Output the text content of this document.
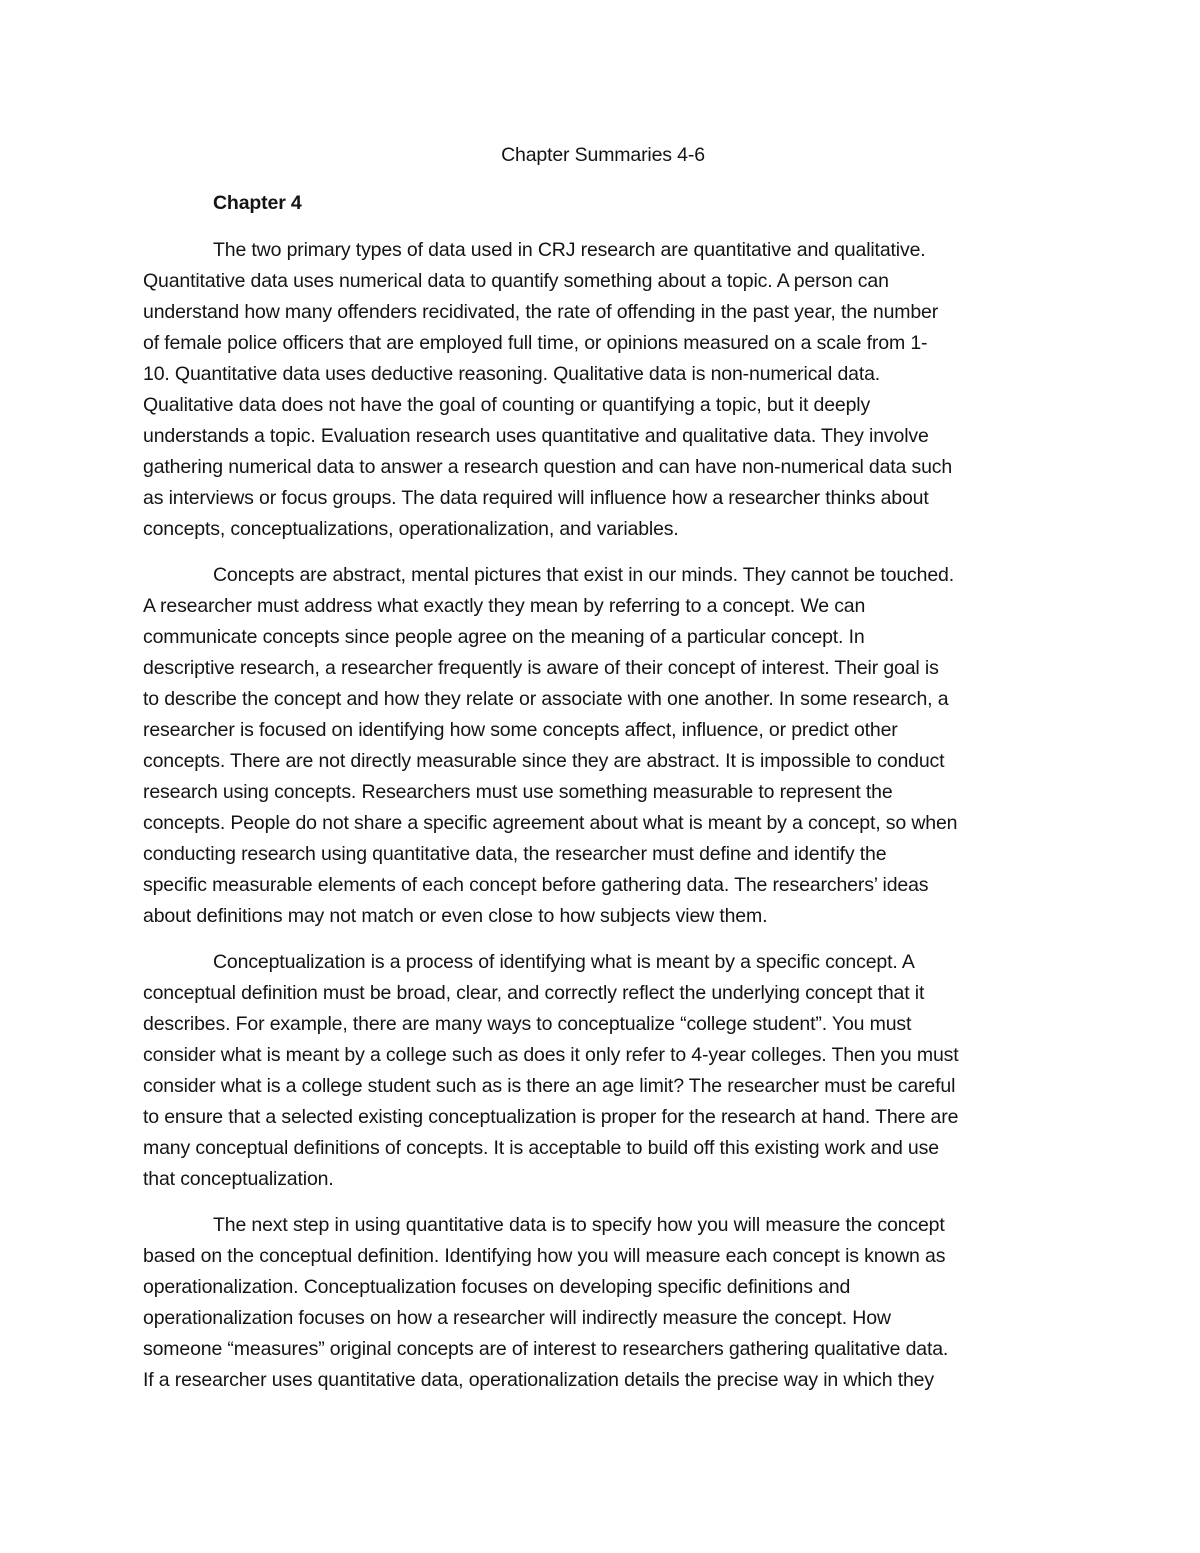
Chapter Summaries 4-6
Chapter 4
The two primary types of data used in CRJ research are quantitative and qualitative.
Quantitative data uses numerical data to quantify something about a topic. A person can
understand how many offenders recidivated, the rate of offending in the past year, the number
of female police officers that are employed full time, or opinions measured on a scale from 1-
10. Quantitative data uses deductive reasoning. Qualitative data is non-numerical data.
Qualitative data does not have the goal of counting or quantifying a topic, but it deeply
understands a topic. Evaluation research uses quantitative and qualitative data. They involve
gathering numerical data to answer a research question and can have non-numerical data such
as interviews or focus groups. The data required will influence how a researcher thinks about
concepts, conceptualizations, operationalization, and variables.
Concepts are abstract, mental pictures that exist in our minds. They cannot be touched.
A researcher must address what exactly they mean by referring to a concept. We can
communicate concepts since people agree on the meaning of a particular concept. In
descriptive research, a researcher frequently is aware of their concept of interest. Their goal is
to describe the concept and how they relate or associate with one another. In some research, a
researcher is focused on identifying how some concepts affect, influence, or predict other
concepts. There are not directly measurable since they are abstract. It is impossible to conduct
research using concepts. Researchers must use something measurable to represent the
concepts. People do not share a specific agreement about what is meant by a concept, so when
conducting research using quantitative data, the researcher must define and identify the
specific measurable elements of each concept before gathering data. The researchers’ ideas
about definitions may not match or even close to how subjects view them.
Conceptualization is a process of identifying what is meant by a specific concept. A
conceptual definition must be broad, clear, and correctly reflect the underlying concept that it
describes. For example, there are many ways to conceptualize “college student”. You must
consider what is meant by a college such as does it only refer to 4-year colleges. Then you must
consider what is a college student such as is there an age limit? The researcher must be careful
to ensure that a selected existing conceptualization is proper for the research at hand. There are
many conceptual definitions of concepts. It is acceptable to build off this existing work and use
that conceptualization.
The next step in using quantitative data is to specify how you will measure the concept
based on the conceptual definition. Identifying how you will measure each concept is known as
operationalization. Conceptualization focuses on developing specific definitions and
operationalization focuses on how a researcher will indirectly measure the concept. How
someone “measures” original concepts are of interest to researchers gathering qualitative data.
If a researcher uses quantitative data, operationalization details the precise way in which they
